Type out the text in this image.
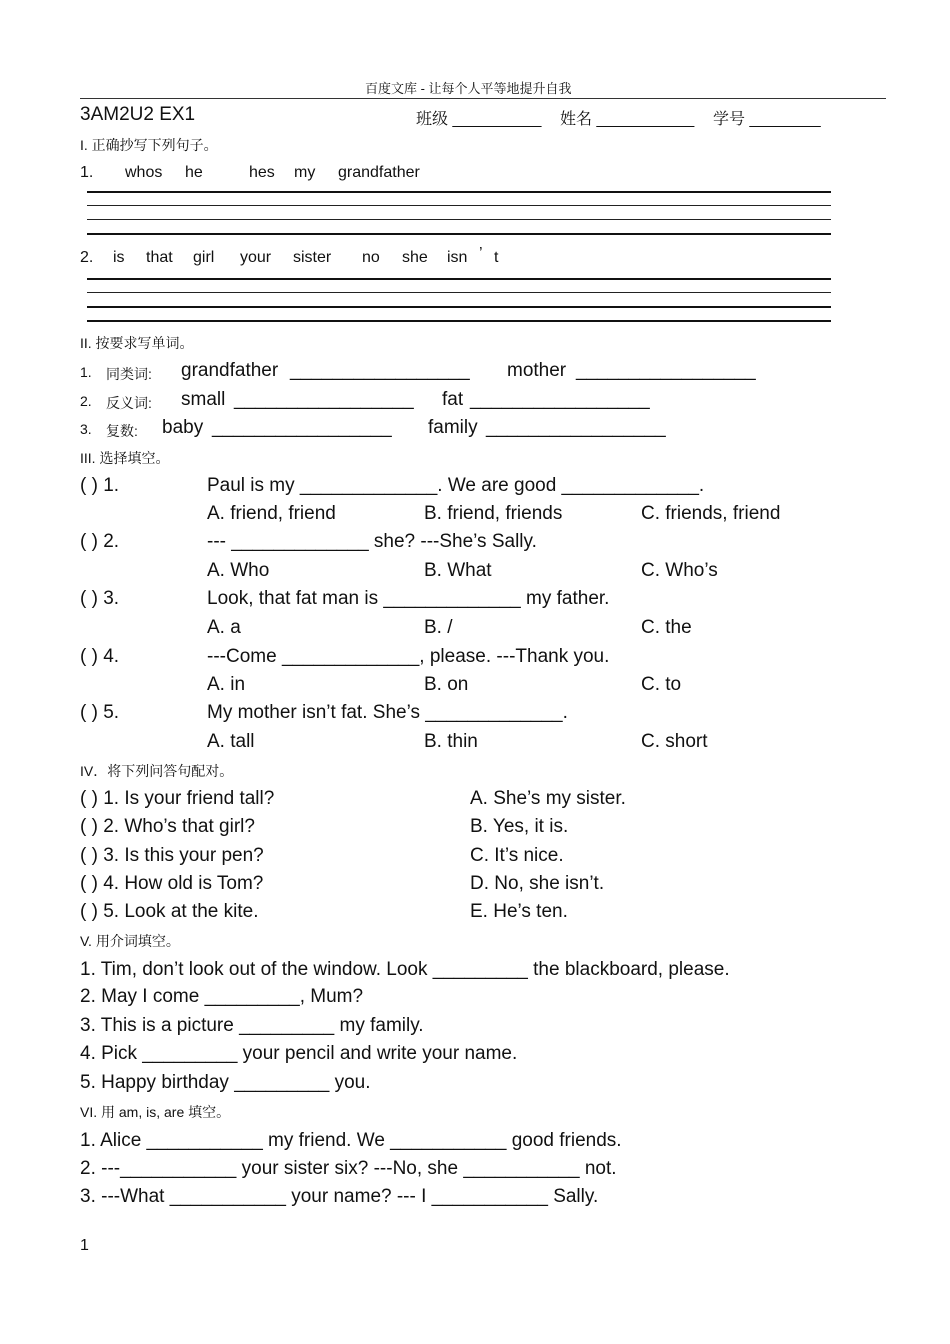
百度文库 - 让每个人平等地提升自我
3AM2U2 EX1	班级 __________ 姓名 ___________ 学号 ________
I. 正确抄写下列句子。
1. whos he	hes my grandfather
2. is that girl your sister no she isn ’ t
II. 按要求写单词。
1. 同类词: grandfather _________________ mother _________________
2. 反义词: small _________________ fat _________________
3. 复数: baby _________________ family _________________
III. 选择填空。
( ) 1.	Paul is my _____________. We are good _____________.
A. friend, friend	B. friend, friends	C. friends, friend
( ) 2.	--- _____________ she? ---She’s Sally.
A. Who	B. What	C. Who’s
( ) 3.	Look, that fat man is _____________ my father.
A. a	B. /	C. the
( ) 4.	---Come _____________, please. ---Thank you.
A. in	B. on	C. to
( ) 5.	My mother isn’t fat. She’s _____________.
A. tall	B. thin	C. short
IV．将下列问答句配对。
( ) 1. Is your friend tall?	A. She’s my sister.
( ) 2. Who’s that girl?	B. Yes, it is.
( ) 3. Is this your pen?	C. It’s nice.
( ) 4. How old is Tom?	D. No, she isn’t.
( ) 5. Look at the kite.	E. He’s ten.
V. 用介词填空。
1. Tim, don’t look out of the window. Look _________ the blackboard, please.
2. May I come _________, Mum?
3. This is a picture _________ my family.
4. Pick _________ your pencil and write your name.
5. Happy birthday _________ you.
VI. 用 am, is, are 填空。
1. Alice ___________ my friend. We ___________ good friends.
2. ---___________ your sister six? ---No, she ___________ not.
3. ---What ___________ your name? --- I ___________ Sally.
1
